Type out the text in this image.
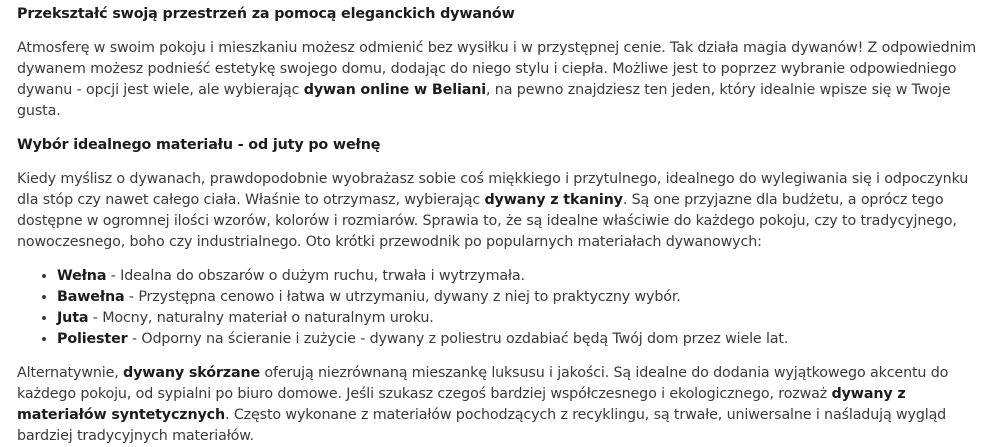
Przekształć swoją przestrzeń za pomocą eleganckich dywanów

Atmosferę w swoim pokoju i mieszkaniu możesz odmienić bez wysiłku i w przystępnej cenie. Tak działa magia dywanów! Z odpowiednim dywanem możesz podnieść estetykę swojego domu, dodając do niego stylu i ciepła. Możliwe jest to poprzez wybranie odpowiedniego dywanu - opcji jest wiele, ale wybierając dywan online w Beliani, na pewno znajdziesz ten jeden, który idealnie wpisze się w Twoje gusta.

Wybór idealnego materiału - od juty po wełnę

Kiedy myślisz o dywanach, prawdopodobnie wyobrażasz sobie coś miękkiego i przytulnego, idealnego do wylegiwania się i odpoczynku dla stóp czy nawet całego ciała. Właśnie to otrzymasz, wybierając dywany z tkaniny. Są one przyjazne dla budżetu, a oprócz tego dostępne w ogromnej ilości wzorów, kolorów i rozmiarów. Sprawia to, że są idealne właściwie do każdego pokoju, czy to tradycyjnego, nowoczesnego, boho czy industrialnego. Oto krótki przewodnik po popularnych materiałach dywanowych:

• Wełna - Idealna do obszarów o dużym ruchu, trwała i wytrzymała.
• Bawełna - Przystępna cenowo i łatwa w utrzymaniu, dywany z niej to praktyczny wybór.
• Juta - Mocny, naturalny materiał o naturalnym uroku.
• Poliester - Odporny na ścieranie i zużycie - dywany z poliestru ozdabiać będą Twój dom przez wiele lat.

Alternatywnie, dywany skórzane oferują niezrównaną mieszankę luksusu i jakości. Są idealne do dodania wyjątkowego akcentu do każdego pokoju, od sypialni po biuro domowe. Jeśli szukasz czegoś bardziej współczesnego i ekologicznego, rozważ dywany z materiałów syntetycznych. Często wykonane z materiałów pochodzących z recyklingu, są trwałe, uniwersalne i naśladują wygląd bardziej tradycyjnych materiałów.
